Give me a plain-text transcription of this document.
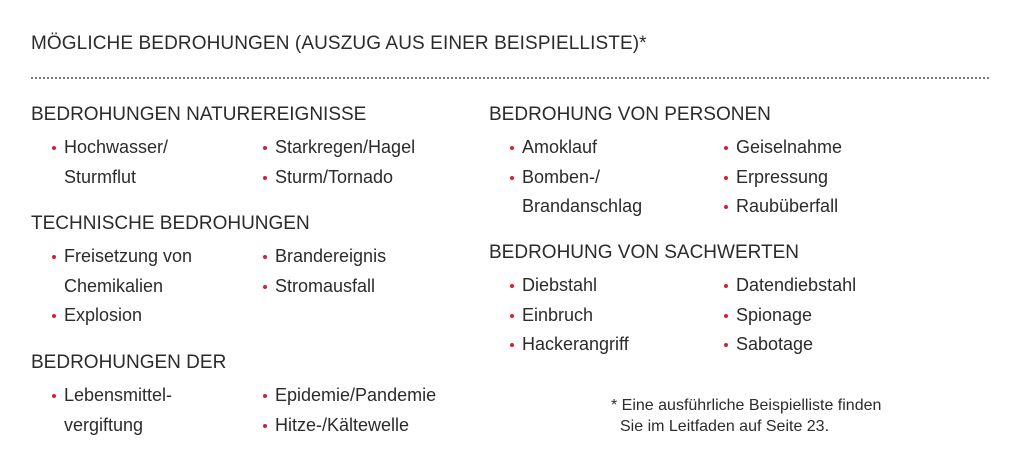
MÖGLICHE BEDROHUNGEN (AUSZUG AUS EINER BEISPIELLISTE)*
BEDROHUNGEN NATUREREIGNISSE
Hochwasser/
Sturmflut
Starkregen/Hagel
Sturm/Tornado
TECHNISCHE BEDROHUNGEN
Freisetzung von
Chemikalien
Explosion
Brandereignis
Stromausfall
BEDROHUNGEN DER
Lebensmittel-
vergiftung
Epidemie/Pandemie
Hitze-/Kältewelle
BEDROHUNG VON PERSONEN
Amoklauf
Bomben-/
Brandanschlag
Geiselnahme
Erpressung
Raubüberfall
BEDROHUNG VON SACHWERTEN
Diebstahl
Einbruch
Hackerangriff
Datendiebstahl
Spionage
Sabotage
* Eine ausführliche Beispielliste finden
Sie im Leitfaden auf Seite 23.
